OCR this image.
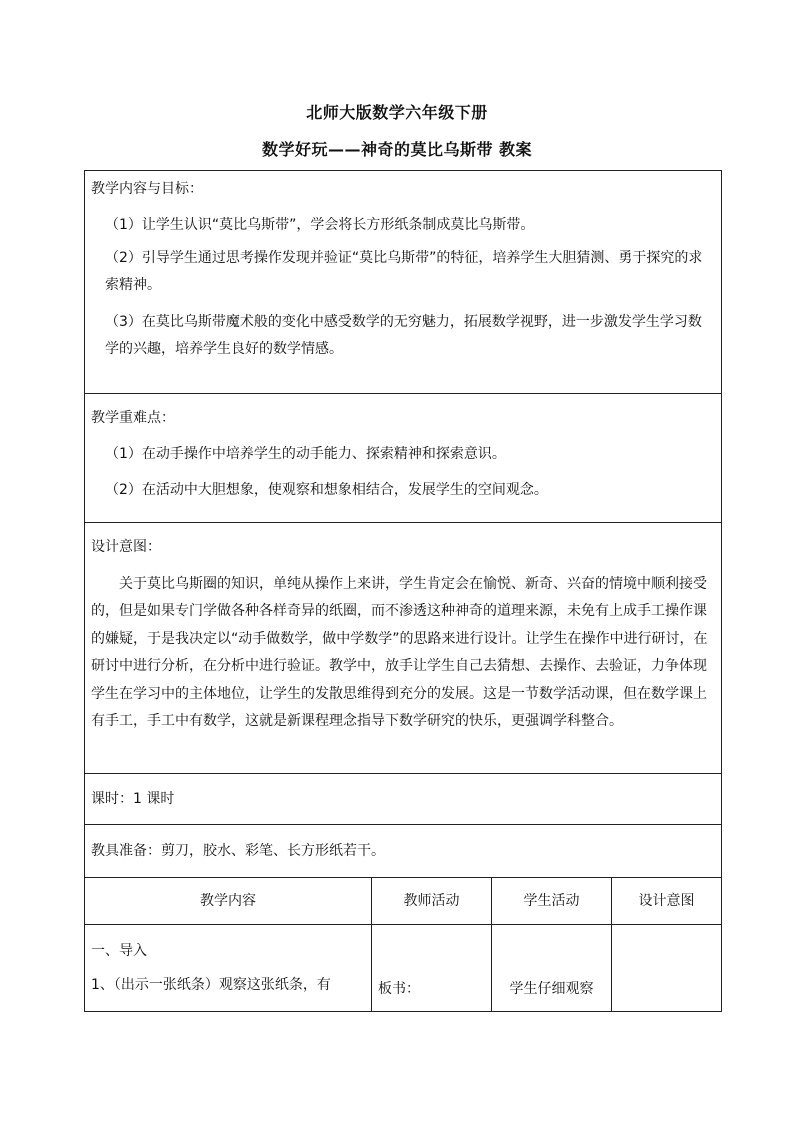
北师大版数学六年级下册
数学好玩——神奇的莫比乌斯带 教案

教学内容与目标：

（1）让学生认识“莫比乌斯带”，学会将长方形纸条制成莫比乌斯带。

（2）引导学生通过思考操作发现并验证“莫比乌斯带”的特征，培养学生大胆猜测、勇于探究的求索精神。

（3）在莫比乌斯带魔术般的变化中感受数学的无穷魅力，拓展数学视野，进一步激发学生学习数学的兴趣，培养学生良好的数学情感。			

教学重难点：

（1）在动手操作中培养学生的动手能力、探索精神和探索意识。

（2）在活动中大胆想象，使观察和想象相结合，发展学生的空间观念。			

设计意图：

关于莫比乌斯圈的知识，单纯从操作上来讲，学生肯定会在愉悦、新奇、兴奋的情境中顺利接受的，但是如果专门学做各种各样奇异的纸圈，而不渗透这种神奇的道理来源，未免有上成手工操作课的嫌疑，于是我决定以“动手做数学，做中学数学”的思路来进行设计。让学生在操作中进行研讨，在研讨中进行分析，在分析中进行验证。教学中，放手让学生自己去猜想、去操作、去验证，力争体现学生在学习中的主体地位，让学生的发散思维得到充分的发展。这是一节数学活动课，但在数学课上有手工，手工中有数学，这就是新课程理念指导下数学研究的快乐，更强调学科整合。			

课时：1 课时			
教具准备：剪刀，胶水、彩笔、长方形纸若干。			
教学内容	教师活动	学生活动	设计意图

一、导入

1、（出示一张纸条）观察这张纸条，有	板书：	学生仔细观察	
